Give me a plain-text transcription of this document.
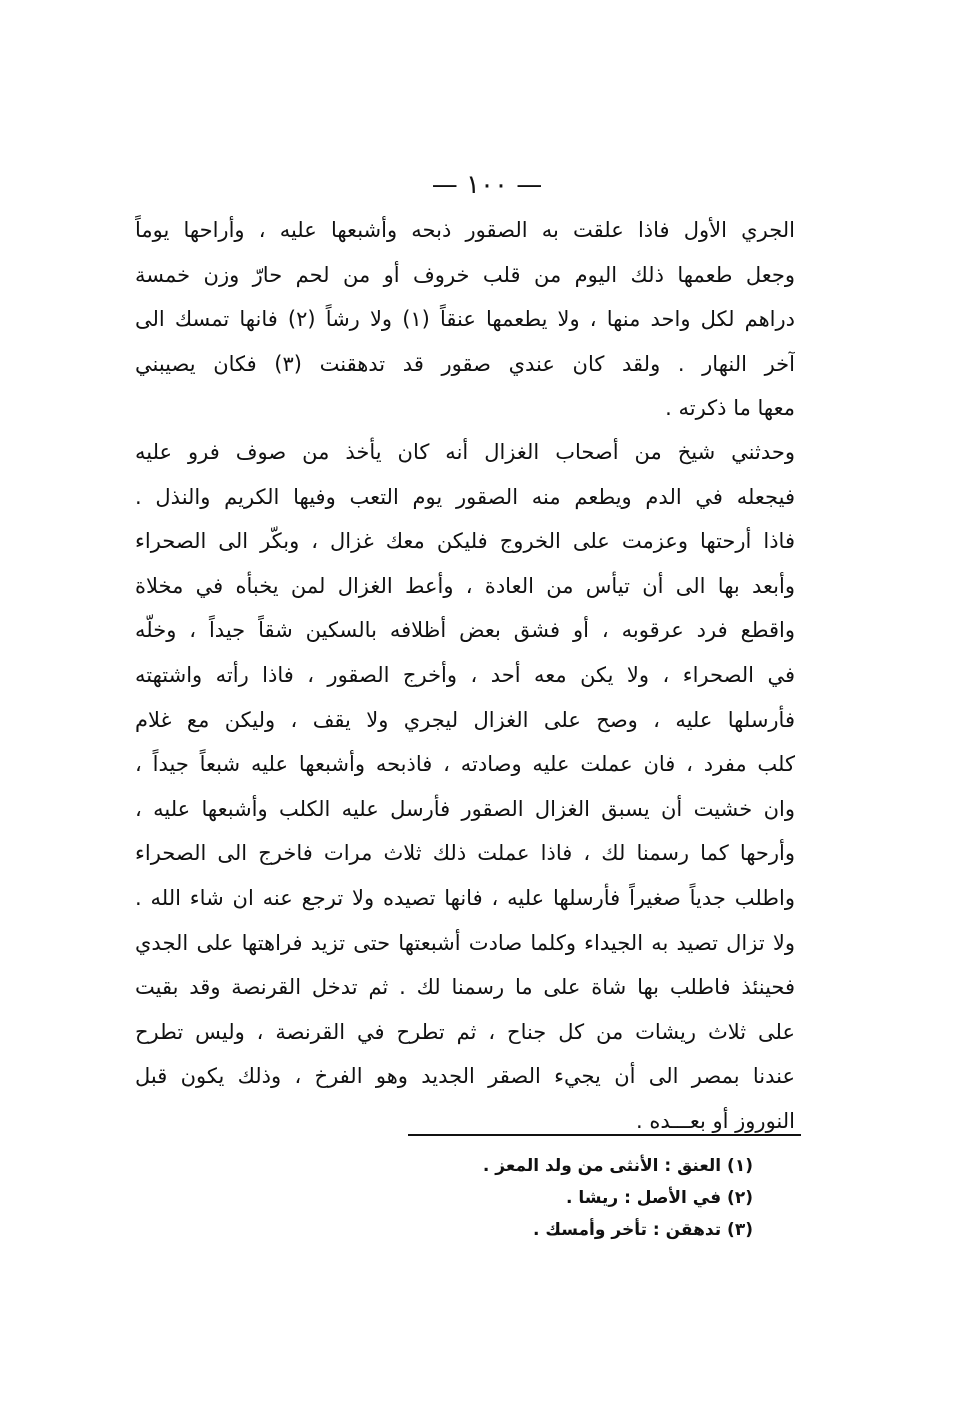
— ١٠٠ —
الجري الأول فاذا علقت به الصقور ذبحه وأشبعها عليه ، وأراحها يوماً
وجعل طعمها ذلك اليوم من قلب خروف أو من لحم حارّ وزن خمسة
دراهم لكل واحد منها ، ولا يطعمها عنقاً (١) ولا رشاً (٢) فانها تمسك الى
آخر النهار . ولقد كان عندي صقور قد تدهقنت (٣) فكان يصيبني
معها ما ذكرته .
وحدثني شيخ من أصحاب الغزال أنه كان يأخذ من صوف فرو عليه
فيجعله في الدم ويطعم منه الصقور يوم التعب وفيها الكريم والنذل .
فاذا أرحتها وعزمت على الخروج فليكن معك غزال ، وبكّر الى الصحراء
وأبعد بها الى أن تيأس من العادة ، وأعط الغزال لمن يخبأه في مخلاة
واقطع فرد عرقوبه ، أو فشق بعض أظلافه بالسكين شقاً جيداً ، وخلّه
في الصحراء ، ولا يكن معه أحد ، وأخرج الصقور ، فاذا رأته واشتهته
فأرسلها عليه ، وصح على الغزال ليجري ولا يقف ، وليكن مع غلام
كلب مفرد ، فان عملت عليه وصادته ، فاذبحه وأشبعها عليه شبعاً جيداً ،
وان خشيت أن يسبق الغزال الصقور فأرسل عليه الكلب وأشبعها عليه ،
وأرحها كما رسمنا لك ، فاذا عملت ذلك ثلاث مرات فاخرج الى الصحراء
واطلب جدياً صغيراً فأرسلها عليه ، فانها تصيده ولا ترجع عنه ان شاء الله .
ولا تزال تصيد به الجيداء وكلما صادت أشبعتها حتى تزيد فراهتها على الجدي
فحينئذ فاطلب بها شاة على ما رسمنا لك . ثم تدخل القرنصة وقد بقيت
على ثلاث ريشات من كل جناح ، ثم تطرح في القرنصة ، وليس تطرح
عندنا بمصر الى أن يجيء الصقر الجديد وهو الفرخ ، وذلك يكون قبل
النوروز أو بعـــده .
(١) العنق : الأنثى من ولد المعز .
(٢) في الأصل : ريشا .
(٣) تدهقن : تأخر وأمسك .
